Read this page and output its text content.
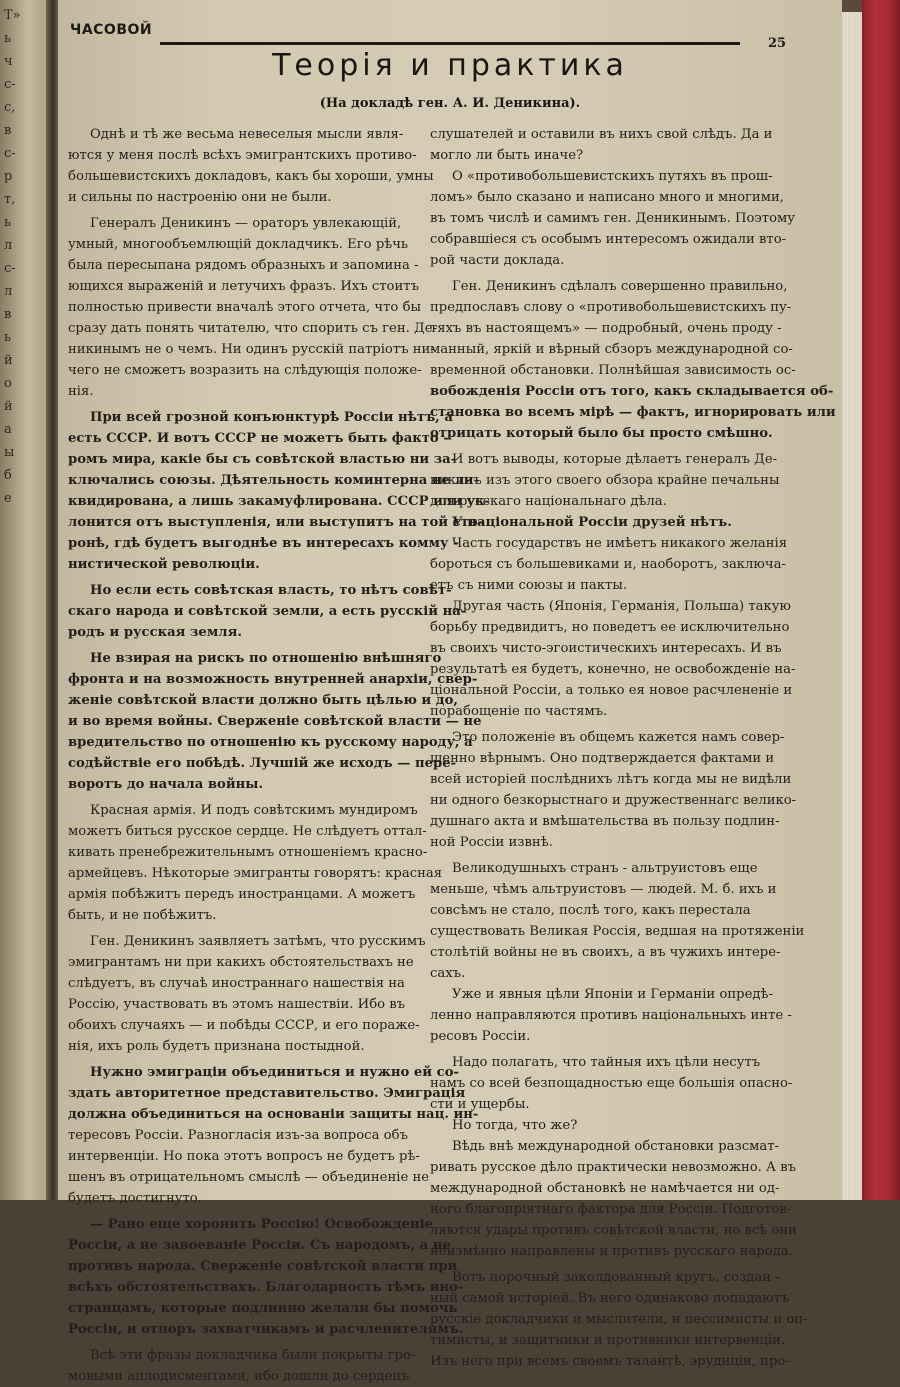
Т»
ь
ч
с-
с,
в
с-
р
т,
ь
л
с-
л
в
ь
й
о
й
а
ы
б
е
ЧАСОВОЙ
25
Теорія и практика
(На докладѣ ген. А. И. Деникина).
Однѣ и тѣ же весьма невеселыя мысли явля-
ются у меня послѣ всѣхъ эмигрантскихъ противо-
большевистскихъ докладовъ, какъ бы хороши, умны
и сильны по настроенію они не были.
Генералъ Деникинъ — ораторъ увлекающій,
умный, многообъемлющій докладчикъ. Его рѣчь
была пересыпана рядомъ образныхъ и запомина -
ющихся выраженій и летучихъ фразъ. Ихъ стоитъ
полностью привести вначалѣ этого отчета, что бы
сразу дать понять читателю, что спорить съ ген. Де-
никинымъ не о чемъ. Ни одинъ русскій патріотъ ни-
чего не сможетъ возразить на слѣдующія положе-
нія.
При всей грозной конъюнктурѣ Россіи нѣтъ, а
есть СССР. И вотъ СССР не можетъ быть факто -
ромъ мира, какіе бы съ совѣтской властью ни за-
ключались союзы. Дѣятельность коминтерна не ли-
квидирована, а лишь закамуфлирована. СССР или ук-
лонится отъ выступленія, или выступитъ на той сто-
ронѣ, гдѣ будетъ выгоднѣе въ интересахъ комму -
нистической революціи.
Но если есть совѣтская власть, то нѣтъ совѣт-
скаго народа и совѣтской земли, а есть русскій на-
родъ и русская земля.
Не взирая на рискъ по отношенію внѣшняго
фронта и на возможность внутренней анархіи, свер-
женіе совѣтской власти должно быть цѣлью и до,
и во время войны. Сверженіе совѣтской власти — не
вредительство по отношенію къ русскому народу, а
содѣйствіе его побѣдѣ. Лучшій же исходъ — пере-
воротъ до начала войны.
Красная армія. И подъ совѣтскимъ мундиромъ
можетъ биться русское сердце. Не слѣдуетъ оттал-
кивать пренебрежительнымъ отношеніемъ красно-
армейцевъ. Нѣкоторые эмигранты говорятъ: красная
армія побѣжитъ передъ иностранцами. А можетъ
быть, и не побѣжитъ.
Ген. Деникинъ заявляетъ затѣмъ, что русскимъ
эмигрантамъ ни при какихъ обстоятельствахъ не
слѣдуетъ, въ случаѣ иностраннаго нашествія на
Россію, участвовать въ этомъ нашествіи. Ибо въ
обоихъ случаяхъ — и побѣды СССР, и его пораже-
нія, ихъ роль будетъ признана постыдной.
Нужно эмиграціи объединиться и нужно ей со-
здать авторитетное представительство. Эмиграція
должна объединиться на основаніи защиты нац. ин-
тересовъ Россіи. Разногласія изъ-за вопроса объ
интервенціи. Но пока этотъ вопросъ не будетъ рѣ-
шенъ въ отрицательномъ смыслѣ — объединеніе не
будетъ достигнуто.
— Рано еще хоронить Россію! Освобожденіе
Россіи, а не завоеваніе Россіи. Съ народомъ, а не
противъ народа. Сверженіе совѣтской власти при
всѣхъ обстоятельствахъ. Благодарность тѣмъ ино-
странцамъ, которые подлинно желали бы помочь
Россіи, и отпоръ захватчикамъ и расчленителямъ.
Всѣ эти фразы докладчика были покрыты гро-
мовыми аплодисментами, ибо дошли до сердецъ
слушателей и оставили въ нихъ свой слѣдъ. Да и
могло ли быть иначе?
О «противобольшевистскихъ путяхъ въ прош-
ломъ» было сказано и написано много и многими,
въ томъ числѣ и самимъ ген. Деникинымъ. Поэтому
собравшіеся съ особымъ интересомъ ожидали вто-
рой части доклада.
Ген. Деникинъ сдѣлалъ совершенно правильно,
предпославъ слову о «противобольшевистскихъ пу-
тяхъ въ настоящемъ» — подробный, очень проду -
манный, яркій и вѣрный сбзоръ международной со-
временной обстановки. Полнѣйшая зависимость ос-
вобожденія Россіи отъ того, какъ складывается об-
становка во всемъ мірѣ — фактъ, игнорировать или
отрицать который было бы просто смѣшно.
И вотъ выводы, которые дѣлаетъ генералъ Де-
никинъ изъ этого своего обзора крайне печальны
для русскаго національнаго дѣла.
У національной Россіи друзей нѣтъ.
Часть государствъ не имѣетъ никакого желанія
бороться съ большевиками и, наоборотъ, заключа-
етъ съ ними союзы и пакты.
Другая часть (Японія, Германія, Польша) такую
борьбу предвидитъ, но поведетъ ее исключительно
въ своихъ чисто-эгоистическихъ интересахъ. И въ
результатѣ ея будетъ, конечно, не освобожденіе на-
ціональной Россіи, а только ея новое расчлененіе и
порабощеніе по частямъ.
Это положеніе въ общемъ кажется намъ совер-
шенно вѣрнымъ. Оно подтверждается фактами и
всей исторіей послѣднихъ лѣтъ когда мы не видѣли
ни одного безкорыстнаго и дружественнагс велико-
душнаго акта и вмѣшательства въ пользу подлин-
ной Россіи извнѣ.
Великодушныхъ странъ - альтруистовъ еще
меньше, чѣмъ альтруистовъ — людей. М. б. ихъ и
совсѣмъ не стало, послѣ того, какъ перестала
существовать Великая Россія, ведшая на протяженіи
столѣтій войны не въ своихъ, а въ чужихъ интере-
сахъ.
Уже и явныя цѣли Японіи и Германіи опредѣ-
ленно направляются противъ національныхъ инте -
ресовъ Россіи.
Надо полагать, что тайныя ихъ цѣли несутъ
намъ со всей безпощадностью еще большія опасно-
сти и ущербы.
Но тогда, что же?
Вѣдь внѣ международной обстановки разсмат-
ривать русское дѣло практически невозможно. А въ
международной обстановкѣ не намѣчается ни од-
ного благопріятнаго фактора для Россіи. Подготов-
ляются удары противъ совѣтской власти, но всѣ они
неизмѣнно направлены и противъ русскаго народа.
Вотъ порочный заколдованный кругъ, создан -
ный самой исторіей. Въ него одинаково попадаютъ
русскіе докладчики и мыслители, и пессимисты и оп-
тимисты, и защитники и противники интервенціи.
Изъ него при всемъ своемъ талантѣ, эрудиціи, про-
